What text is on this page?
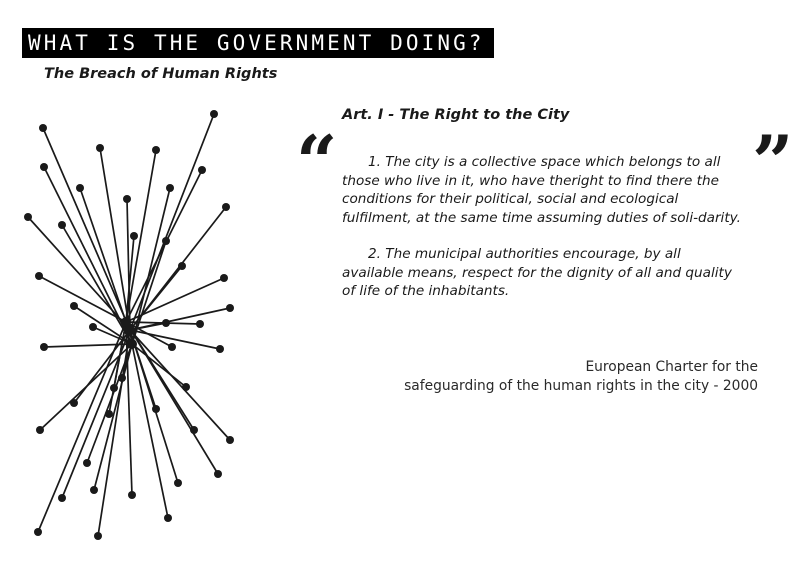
WHAT IS THE GOVERNMENT DOING?
The Breach of Human Rights
Art. I - The Right to the City
“	”

1. The city is a collective space which belongs to all those who live in it, who have theright to find there the conditions for their political, social and ecological fulfilment, at the same time assuming duties of soli-darity.

2. The municipal authorities encourage, by all available means, respect for the dignity of all and quality of life of the inhabitants.

European Charter for the
safeguarding of the human rights in the city - 2000
